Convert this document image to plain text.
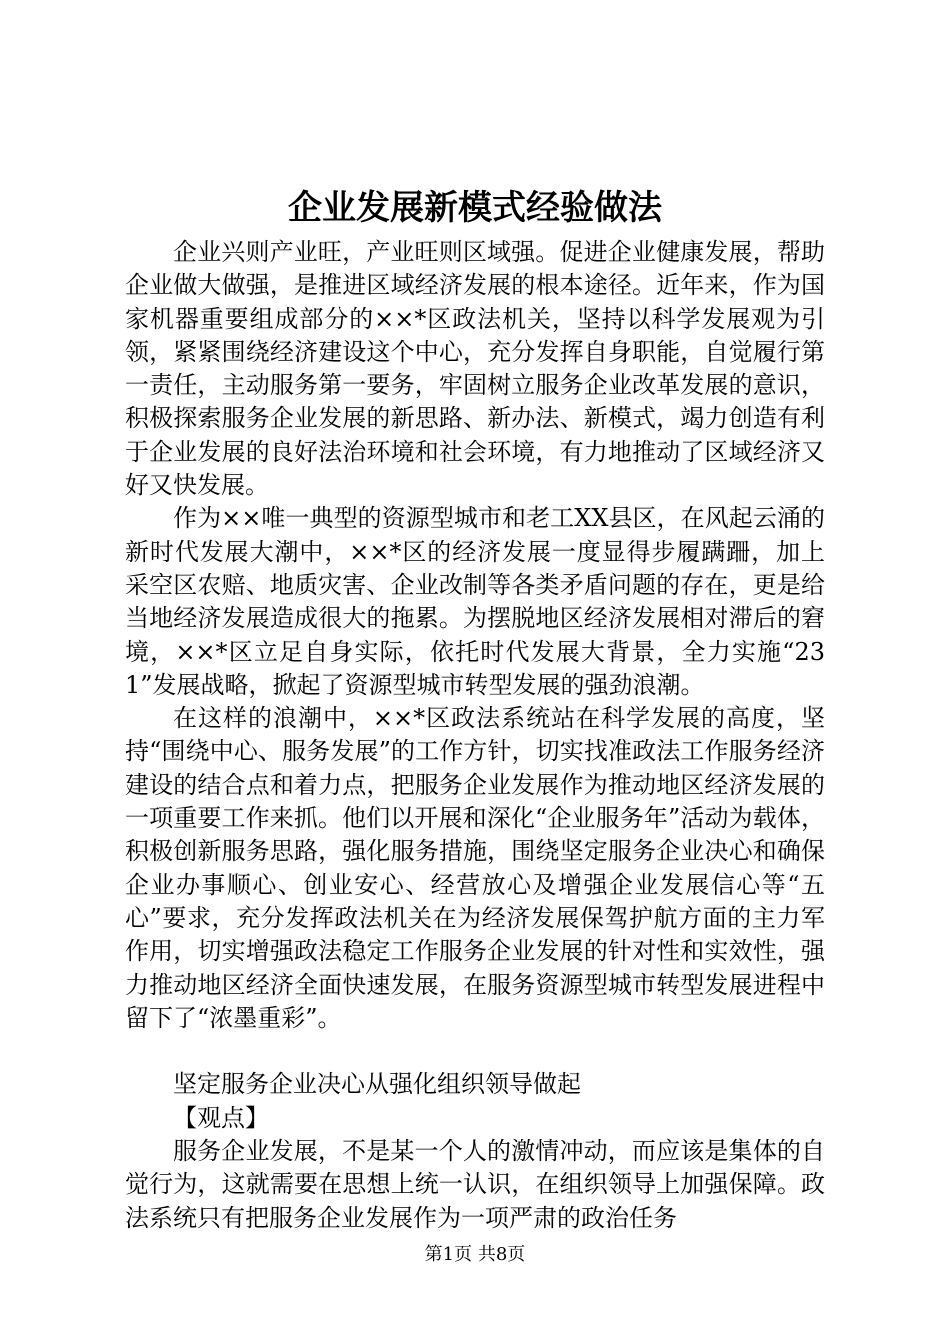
企业发展新模式经验做法

企业兴则产业旺，产业旺则区域强。促进企业健康发展，帮助企业做大做强，是推进区域经济发展的根本途径。近年来，作为国家机器重要组成部分的××*区政法机关，坚持以科学发展观为引领，紧紧围绕经济建设这个中心，充分发挥自身职能，自觉履行第一责任，主动服务第一要务，牢固树立服务企业改革发展的意识，积极探索服务企业发展的新思路、新办法、新模式，竭力创造有利于企业发展的良好法治环境和社会环境，有力地推动了区域经济又好又快发展。

作为××唯一典型的资源型城市和老工XX县区，在风起云涌的新时代发展大潮中，××*区的经济发展一度显得步履蹒跚，加上采空区农赔、地质灾害、企业改制等各类矛盾问题的存在，更是给当地经济发展造成很大的拖累。为摆脱地区经济发展相对滞后的窘境，××*区立足自身实际，依托时代发展大背景，全力实施“231”发展战略，掀起了资源型城市转型发展的强劲浪潮。

在这样的浪潮中，××*区政法系统站在科学发展的高度，坚持“围绕中心、服务发展”的工作方针，切实找准政法工作服务经济建设的结合点和着力点，把服务企业发展作为推动地区经济发展的一项重要工作来抓。他们以开展和深化“企业服务年”活动为载体，积极创新服务思路，强化服务措施，围绕坚定服务企业决心和确保企业办事顺心、创业安心、经营放心及增强企业发展信心等“五心”要求，充分发挥政法机关在为经济发展保驾护航方面的主力军作用，切实增强政法稳定工作服务企业发展的针对性和实效性，强力推动地区经济全面快速发展，在服务资源型城市转型发展进程中留下了“浓墨重彩”。

坚定服务企业决心从强化组织领导做起

【观点】

服务企业发展，不是某一个人的激情冲动，而应该是集体的自觉行为，这就需要在思想上统一认识，在组织领导上加强保障。政法系统只有把服务企业发展作为一项严肃的政治任务

第1页 共8页
